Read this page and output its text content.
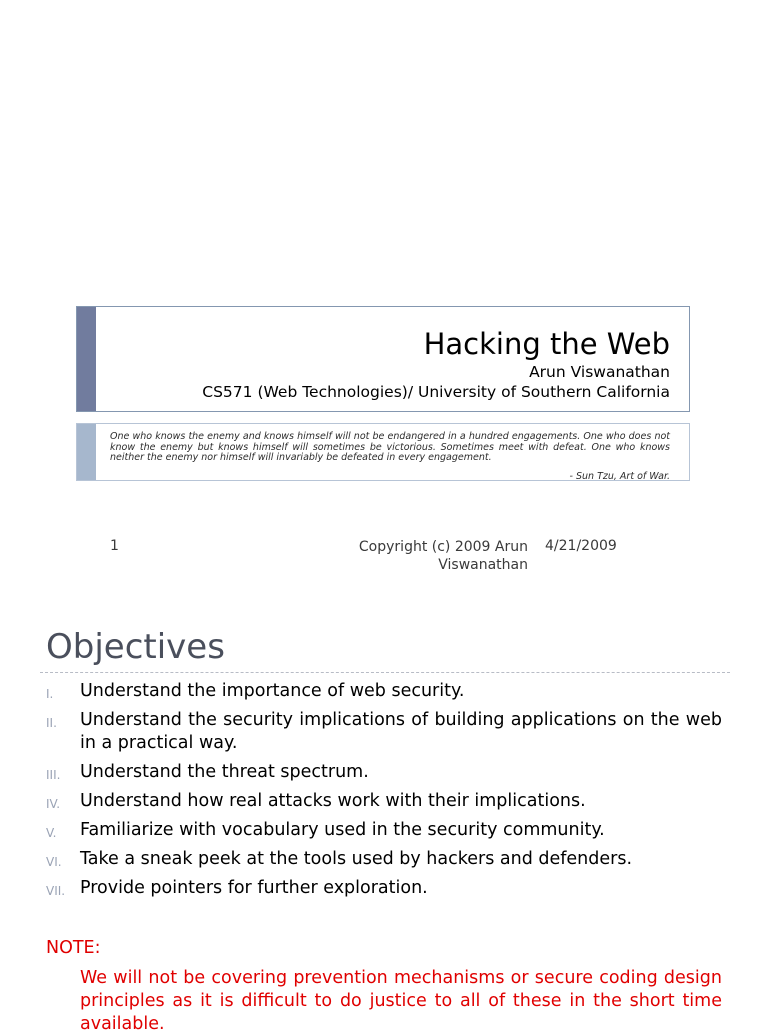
Hacking the Web
Arun Viswanathan
CS571 (Web Technologies)/ University of Southern California
One who knows the enemy and knows himself will not be endangered in a hundred engagements. One who does not know the enemy but knows himself will sometimes be victorious. Sometimes meet with defeat. One who knows neither the enemy nor himself will invariably be defeated in every engagement.
- Sun Tzu, Art of War.
1	Copyright (c) 2009 Arun Viswanathan
4/21/2009
Objectives
I. Understand the importance of web security.
II. Understand the security implications of building applications on the web in a practical way.
III. Understand the threat spectrum.
IV. Understand how real attacks work with their implications.
V. Familiarize with vocabulary used in the security community.
VI. Take a sneak peek at the tools used by hackers and defenders.
VII. Provide pointers for further exploration.
NOTE:
We will not be covering prevention mechanisms or secure coding design principles as it is difficult to do justice to all of these in the short time available.
